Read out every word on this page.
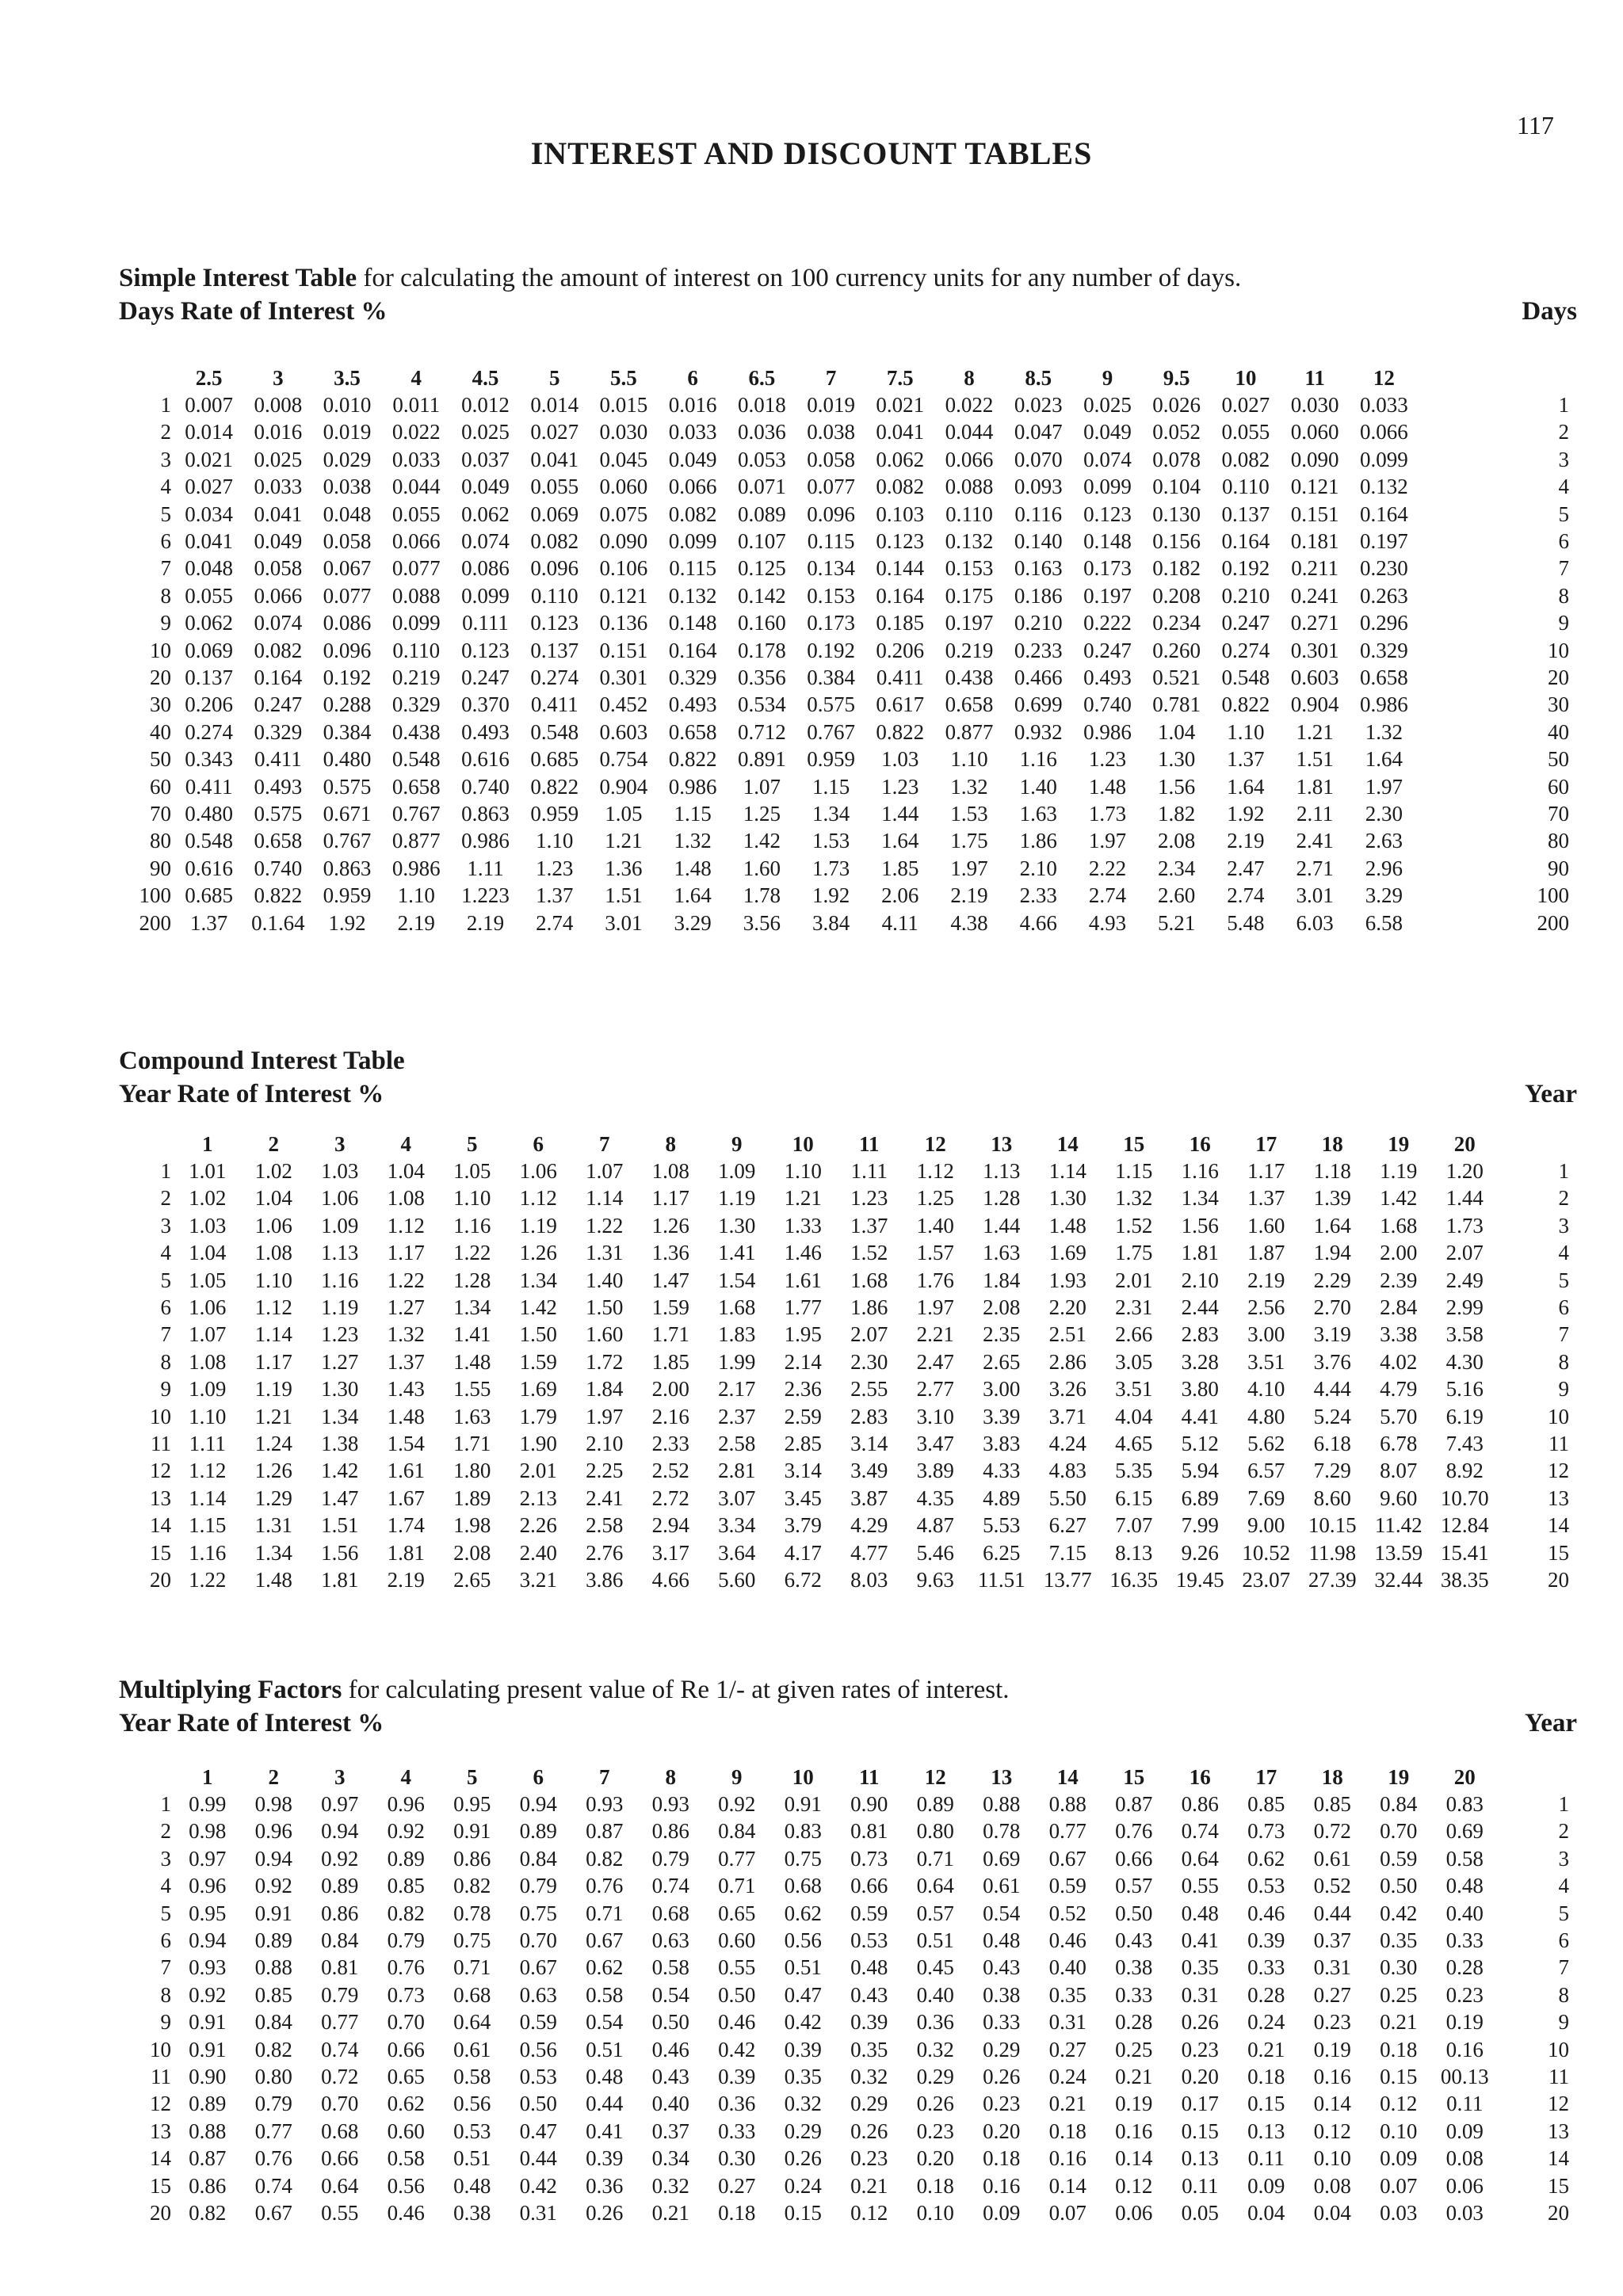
117
INTEREST AND DISCOUNT TABLES
Simple Interest Table for calculating the amount of interest on 100 currency units for any number of days.
Days Rate of Interest %	Days
	2.5	3	3.5	4	4.5	5	5.5	6	6.5	7	7.5	8	8.5	9	9.5	10	11	12	
1	0.007	0.008	0.010	0.011	0.012	0.014	0.015	0.016	0.018	0.019	0.021	0.022	0.023	0.025	0.026	0.027	0.030	0.033	1
2	0.014	0.016	0.019	0.022	0.025	0.027	0.030	0.033	0.036	0.038	0.041	0.044	0.047	0.049	0.052	0.055	0.060	0.066	2
3	0.021	0.025	0.029	0.033	0.037	0.041	0.045	0.049	0.053	0.058	0.062	0.066	0.070	0.074	0.078	0.082	0.090	0.099	3
4	0.027	0.033	0.038	0.044	0.049	0.055	0.060	0.066	0.071	0.077	0.082	0.088	0.093	0.099	0.104	0.110	0.121	0.132	4
5	0.034	0.041	0.048	0.055	0.062	0.069	0.075	0.082	0.089	0.096	0.103	0.110	0.116	0.123	0.130	0.137	0.151	0.164	5
6	0.041	0.049	0.058	0.066	0.074	0.082	0.090	0.099	0.107	0.115	0.123	0.132	0.140	0.148	0.156	0.164	0.181	0.197	6
7	0.048	0.058	0.067	0.077	0.086	0.096	0.106	0.115	0.125	0.134	0.144	0.153	0.163	0.173	0.182	0.192	0.211	0.230	7
8	0.055	0.066	0.077	0.088	0.099	0.110	0.121	0.132	0.142	0.153	0.164	0.175	0.186	0.197	0.208	0.210	0.241	0.263	8
9	0.062	0.074	0.086	0.099	0.111	0.123	0.136	0.148	0.160	0.173	0.185	0.197	0.210	0.222	0.234	0.247	0.271	0.296	9
10	0.069	0.082	0.096	0.110	0.123	0.137	0.151	0.164	0.178	0.192	0.206	0.219	0.233	0.247	0.260	0.274	0.301	0.329	10
20	0.137	0.164	0.192	0.219	0.247	0.274	0.301	0.329	0.356	0.384	0.411	0.438	0.466	0.493	0.521	0.548	0.603	0.658	20
30	0.206	0.247	0.288	0.329	0.370	0.411	0.452	0.493	0.534	0.575	0.617	0.658	0.699	0.740	0.781	0.822	0.904	0.986	30
40	0.274	0.329	0.384	0.438	0.493	0.548	0.603	0.658	0.712	0.767	0.822	0.877	0.932	0.986	1.04	1.10	1.21	1.32	40
50	0.343	0.411	0.480	0.548	0.616	0.685	0.754	0.822	0.891	0.959	1.03	1.10	1.16	1.23	1.30	1.37	1.51	1.64	50
60	0.411	0.493	0.575	0.658	0.740	0.822	0.904	0.986	1.07	1.15	1.23	1.32	1.40	1.48	1.56	1.64	1.81	1.97	60
70	0.480	0.575	0.671	0.767	0.863	0.959	1.05	1.15	1.25	1.34	1.44	1.53	1.63	1.73	1.82	1.92	2.11	2.30	70
80	0.548	0.658	0.767	0.877	0.986	1.10	1.21	1.32	1.42	1.53	1.64	1.75	1.86	1.97	2.08	2.19	2.41	2.63	80
90	0.616	0.740	0.863	0.986	1.11	1.23	1.36	1.48	1.60	1.73	1.85	1.97	2.10	2.22	2.34	2.47	2.71	2.96	90
100	0.685	0.822	0.959	1.10	1.223	1.37	1.51	1.64	1.78	1.92	2.06	2.19	2.33	2.74	2.60	2.74	3.01	3.29	100
200	1.37	0.1.64	1.92	2.19	2.19	2.74	3.01	3.29	3.56	3.84	4.11	4.38	4.66	4.93	5.21	5.48	6.03	6.58	200
Compound Interest Table
Year Rate of Interest %	Year
	1	2	3	4	5	6	7	8	9	10	11	12	13	14	15	16	17	18	19	20	
1	1.01	1.02	1.03	1.04	1.05	1.06	1.07	1.08	1.09	1.10	1.11	1.12	1.13	1.14	1.15	1.16	1.17	1.18	1.19	1.20	1
2	1.02	1.04	1.06	1.08	1.10	1.12	1.14	1.17	1.19	1.21	1.23	1.25	1.28	1.30	1.32	1.34	1.37	1.39	1.42	1.44	2
3	1.03	1.06	1.09	1.12	1.16	1.19	1.22	1.26	1.30	1.33	1.37	1.40	1.44	1.48	1.52	1.56	1.60	1.64	1.68	1.73	3
4	1.04	1.08	1.13	1.17	1.22	1.26	1.31	1.36	1.41	1.46	1.52	1.57	1.63	1.69	1.75	1.81	1.87	1.94	2.00	2.07	4
5	1.05	1.10	1.16	1.22	1.28	1.34	1.40	1.47	1.54	1.61	1.68	1.76	1.84	1.93	2.01	2.10	2.19	2.29	2.39	2.49	5
6	1.06	1.12	1.19	1.27	1.34	1.42	1.50	1.59	1.68	1.77	1.86	1.97	2.08	2.20	2.31	2.44	2.56	2.70	2.84	2.99	6
7	1.07	1.14	1.23	1.32	1.41	1.50	1.60	1.71	1.83	1.95	2.07	2.21	2.35	2.51	2.66	2.83	3.00	3.19	3.38	3.58	7
8	1.08	1.17	1.27	1.37	1.48	1.59	1.72	1.85	1.99	2.14	2.30	2.47	2.65	2.86	3.05	3.28	3.51	3.76	4.02	4.30	8
9	1.09	1.19	1.30	1.43	1.55	1.69	1.84	2.00	2.17	2.36	2.55	2.77	3.00	3.26	3.51	3.80	4.10	4.44	4.79	5.16	9
10	1.10	1.21	1.34	1.48	1.63	1.79	1.97	2.16	2.37	2.59	2.83	3.10	3.39	3.71	4.04	4.41	4.80	5.24	5.70	6.19	10
11	1.11	1.24	1.38	1.54	1.71	1.90	2.10	2.33	2.58	2.85	3.14	3.47	3.83	4.24	4.65	5.12	5.62	6.18	6.78	7.43	11
12	1.12	1.26	1.42	1.61	1.80	2.01	2.25	2.52	2.81	3.14	3.49	3.89	4.33	4.83	5.35	5.94	6.57	7.29	8.07	8.92	12
13	1.14	1.29	1.47	1.67	1.89	2.13	2.41	2.72	3.07	3.45	3.87	4.35	4.89	5.50	6.15	6.89	7.69	8.60	9.60	10.70	13
14	1.15	1.31	1.51	1.74	1.98	2.26	2.58	2.94	3.34	3.79	4.29	4.87	5.53	6.27	7.07	7.99	9.00	10.15	11.42	12.84	14
15	1.16	1.34	1.56	1.81	2.08	2.40	2.76	3.17	3.64	4.17	4.77	5.46	6.25	7.15	8.13	9.26	10.52	11.98	13.59	15.41	15
20	1.22	1.48	1.81	2.19	2.65	3.21	3.86	4.66	5.60	6.72	8.03	9.63	11.51	13.77	16.35	19.45	23.07	27.39	32.44	38.35	20
Multiplying Factors for calculating present value of Re 1/- at given rates of interest.
Year Rate of Interest %	Year
	1	2	3	4	5	6	7	8	9	10	11	12	13	14	15	16	17	18	19	20	
1	0.99	0.98	0.97	0.96	0.95	0.94	0.93	0.93	0.92	0.91	0.90	0.89	0.88	0.88	0.87	0.86	0.85	0.85	0.84	0.83	1
2	0.98	0.96	0.94	0.92	0.91	0.89	0.87	0.86	0.84	0.83	0.81	0.80	0.78	0.77	0.76	0.74	0.73	0.72	0.70	0.69	2
3	0.97	0.94	0.92	0.89	0.86	0.84	0.82	0.79	0.77	0.75	0.73	0.71	0.69	0.67	0.66	0.64	0.62	0.61	0.59	0.58	3
4	0.96	0.92	0.89	0.85	0.82	0.79	0.76	0.74	0.71	0.68	0.66	0.64	0.61	0.59	0.57	0.55	0.53	0.52	0.50	0.48	4
5	0.95	0.91	0.86	0.82	0.78	0.75	0.71	0.68	0.65	0.62	0.59	0.57	0.54	0.52	0.50	0.48	0.46	0.44	0.42	0.40	5
6	0.94	0.89	0.84	0.79	0.75	0.70	0.67	0.63	0.60	0.56	0.53	0.51	0.48	0.46	0.43	0.41	0.39	0.37	0.35	0.33	6
7	0.93	0.88	0.81	0.76	0.71	0.67	0.62	0.58	0.55	0.51	0.48	0.45	0.43	0.40	0.38	0.35	0.33	0.31	0.30	0.28	7
8	0.92	0.85	0.79	0.73	0.68	0.63	0.58	0.54	0.50	0.47	0.43	0.40	0.38	0.35	0.33	0.31	0.28	0.27	0.25	0.23	8
9	0.91	0.84	0.77	0.70	0.64	0.59	0.54	0.50	0.46	0.42	0.39	0.36	0.33	0.31	0.28	0.26	0.24	0.23	0.21	0.19	9
10	0.91	0.82	0.74	0.66	0.61	0.56	0.51	0.46	0.42	0.39	0.35	0.32	0.29	0.27	0.25	0.23	0.21	0.19	0.18	0.16	10
11	0.90	0.80	0.72	0.65	0.58	0.53	0.48	0.43	0.39	0.35	0.32	0.29	0.26	0.24	0.21	0.20	0.18	0.16	0.15	00.13	11
12	0.89	0.79	0.70	0.62	0.56	0.50	0.44	0.40	0.36	0.32	0.29	0.26	0.23	0.21	0.19	0.17	0.15	0.14	0.12	0.11	12
13	0.88	0.77	0.68	0.60	0.53	0.47	0.41	0.37	0.33	0.29	0.26	0.23	0.20	0.18	0.16	0.15	0.13	0.12	0.10	0.09	13
14	0.87	0.76	0.66	0.58	0.51	0.44	0.39	0.34	0.30	0.26	0.23	0.20	0.18	0.16	0.14	0.13	0.11	0.10	0.09	0.08	14
15	0.86	0.74	0.64	0.56	0.48	0.42	0.36	0.32	0.27	0.24	0.21	0.18	0.16	0.14	0.12	0.11	0.09	0.08	0.07	0.06	15
20	0.82	0.67	0.55	0.46	0.38	0.31	0.26	0.21	0.18	0.15	0.12	0.10	0.09	0.07	0.06	0.05	0.04	0.04	0.03	0.03	20
